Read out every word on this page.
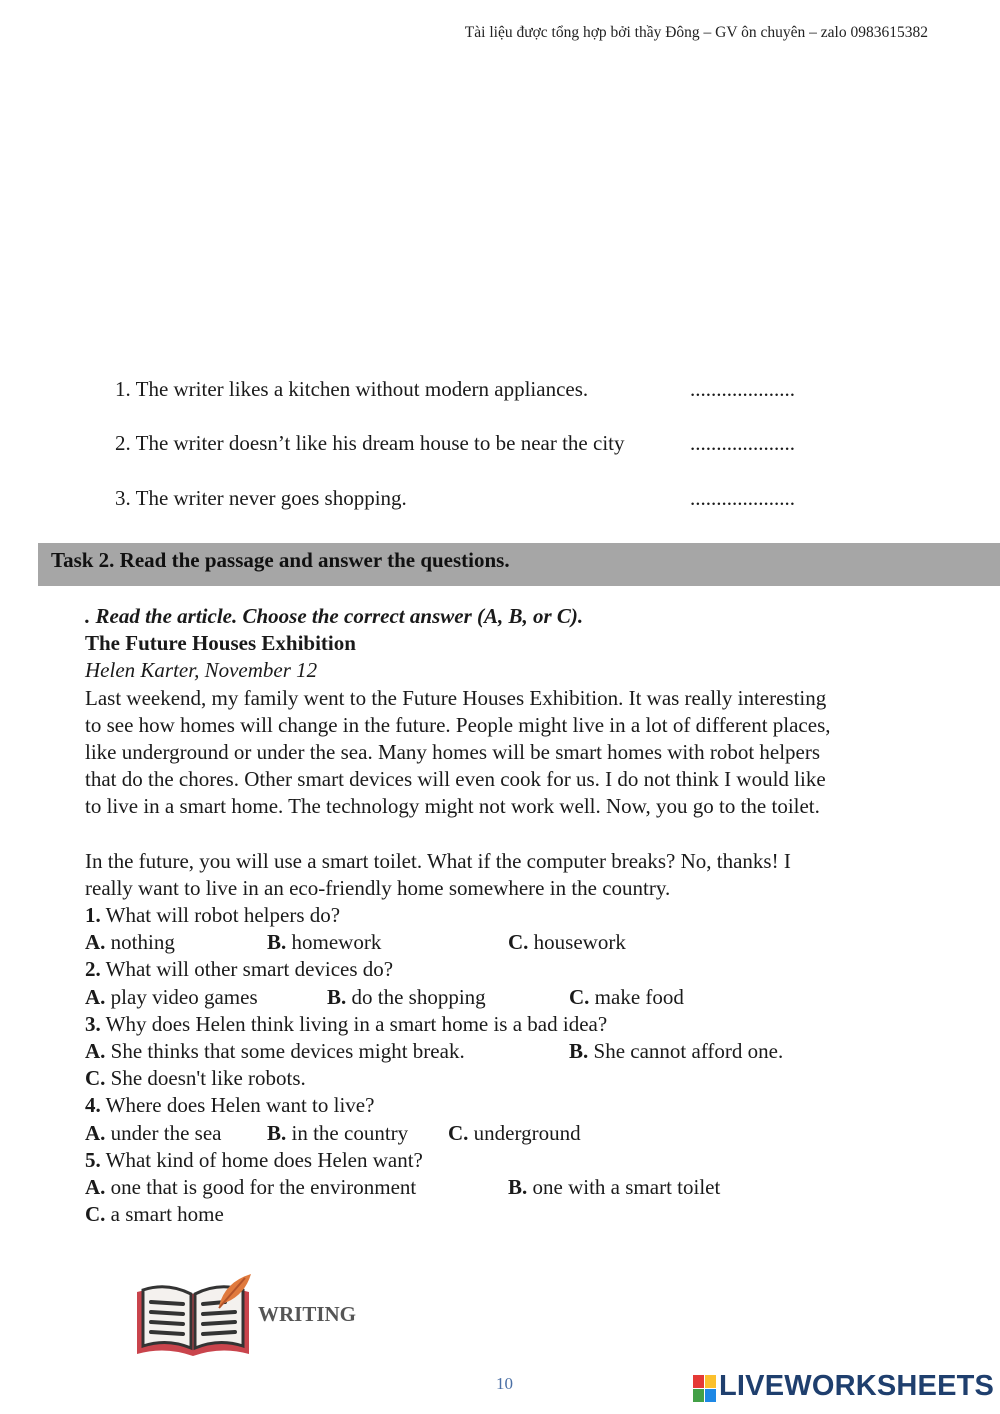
Tài liệu được tổng hợp bởi thầy Đông – GV ôn chuyên – zalo 0983615382
1. The writer likes a kitchen without modern appliances.	....................
2. The writer doesn’t like his dream house to be near the city	....................
3. The writer never goes shopping.	....................
Task 2. Read the passage and answer the questions.

. Read the article. Choose the correct answer (A, B, or C).

The Future Houses Exhibition

Helen Karter, November 12

Last weekend, my family went to the Future Houses Exhibition. It was really interesting

to see how homes will change in the future. People might live in a lot of different places,

like underground or under the sea. Many homes will be smart homes with robot helpers

that do the chores. Other smart devices will even cook for us. I do not think I would like

to live in a smart home. The technology might not work well. Now, you go to the toilet.

In the future, you will use a smart toilet. What if the computer breaks? No, thanks! I

really want to live in an eco-friendly home somewhere in the country.

1. What will robot helpers do?

A. nothing	B. homework	C. housework

2. What will other smart devices do?

A. play video games	B. do the shopping	C. make food

3. Why does Helen think living in a smart home is a bad idea?

A. She thinks that some devices might break.	B. She cannot afford one.
C. She doesn't like robots.

4. Where does Helen want to live?

A. under the sea B. in the country C. underground

5. What kind of home does Helen want?

A. one that is good for the environment	B. one with a smart toilet
C. a smart home
WRITING
10	LIVEWORKSHEETS
